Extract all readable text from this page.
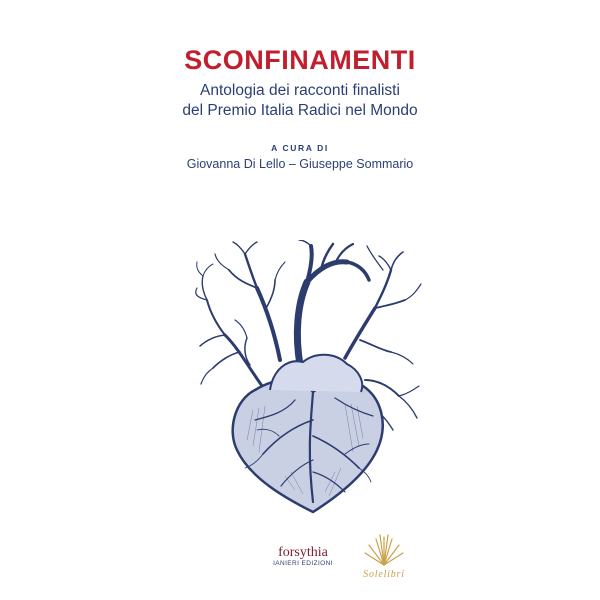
SCONFINAMENTI
Antologia dei racconti finalisti
del Premio Italia Radici nel Mondo
A CURA DI
Giovanna Di Lello – Giuseppe Sommario
forsythia
IANIERI EDIZIONI
Solelibri
